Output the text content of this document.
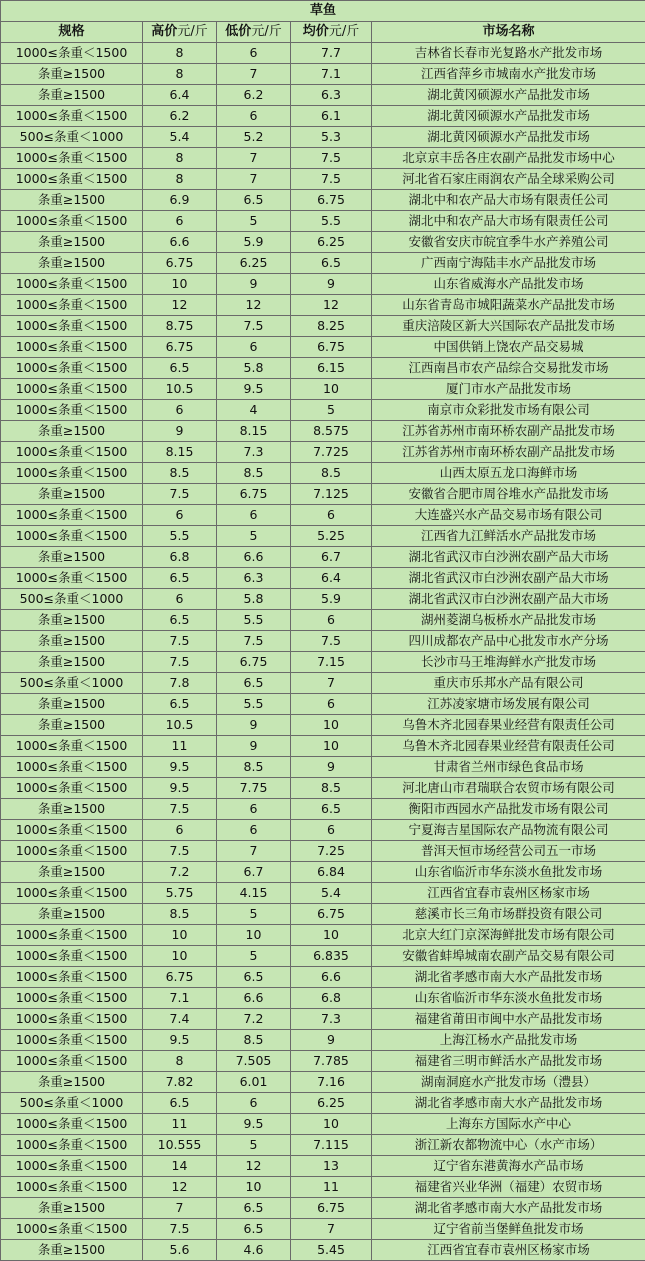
草鱼				
规格	高价元/斤	低价元/斤	均价元/斤	市场名称
1000≤条重＜1500	8	6	7.7	吉林省长春市光复路水产批发市场
条重≥1500	8	7	7.1	江西省萍乡市城南水产批发市场
条重≥1500	6.4	6.2	6.3	湖北黄冈硕源水产品批发市场
1000≤条重＜1500	6.2	6	6.1	湖北黄冈硕源水产品批发市场
500≤条重＜1000	5.4	5.2	5.3	湖北黄冈硕源水产品批发市场
1000≤条重＜1500	8	7	7.5	北京京丰岳各庄农副产品批发市场中心
1000≤条重＜1500	8	7	7.5	河北省石家庄雨润农产品全球采购公司
条重≥1500	6.9	6.5	6.75	湖北中和农产品大市场有限责任公司
1000≤条重＜1500	6	5	5.5	湖北中和农产品大市场有限责任公司
条重≥1500	6.6	5.9	6.25	安徽省安庆市皖宜季牛水产养殖公司
条重≥1500	6.75	6.25	6.5	广西南宁海陆丰水产品批发市场
1000≤条重＜1500	10	9	9	山东省威海水产品批发市场
1000≤条重＜1500	12	12	12	山东省青岛市城阳蔬菜水产品批发市场
1000≤条重＜1500	8.75	7.5	8.25	重庆涪陵区新大兴国际农产品批发市场
1000≤条重＜1500	6.75	6	6.75	中国供销上饶农产品交易城
1000≤条重＜1500	6.5	5.8	6.15	江西南昌市农产品综合交易批发市场
1000≤条重＜1500	10.5	9.5	10	厦门市水产品批发市场
1000≤条重＜1500	6	4	5	南京市众彩批发市场有限公司
条重≥1500	9	8.15	8.575	江苏省苏州市南环桥农副产品批发市场
1000≤条重＜1500	8.15	7.3	7.725	江苏省苏州市南环桥农副产品批发市场
1000≤条重＜1500	8.5	8.5	8.5	山西太原五龙口海鲜市场
条重≥1500	7.5	6.75	7.125	安徽省合肥市周谷堆水产品批发市场
1000≤条重＜1500	6	6	6	大连盛兴水产品交易市场有限公司
1000≤条重＜1500	5.5	5	5.25	江西省九江鲜活水产品批发市场
条重≥1500	6.8	6.6	6.7	湖北省武汉市白沙洲农副产品大市场
1000≤条重＜1500	6.5	6.3	6.4	湖北省武汉市白沙洲农副产品大市场
500≤条重＜1000	6	5.8	5.9	湖北省武汉市白沙洲农副产品大市场
条重≥1500	6.5	5.5	6	湖州菱湖乌板桥水产品批发市场
条重≥1500	7.5	7.5	7.5	四川成都农产品中心批发市水产分场
条重≥1500	7.5	6.75	7.15	长沙市马王堆海鲜水产批发市场
500≤条重＜1000	7.8	6.5	7	重庆市乐邦水产品有限公司
条重≥1500	6.5	5.5	6	江苏凌家塘市场发展有限公司
条重≥1500	10.5	9	10	乌鲁木齐北园春果业经营有限责任公司
1000≤条重＜1500	11	9	10	乌鲁木齐北园春果业经营有限责任公司
1000≤条重＜1500	9.5	8.5	9	甘肃省兰州市绿色食品市场
1000≤条重＜1500	9.5	7.75	8.5	河北唐山市君瑞联合农贸市场有限公司
条重≥1500	7.5	6	6.5	衡阳市西园水产品批发市场有限公司
1000≤条重＜1500	6	6	6	宁夏海吉星国际农产品物流有限公司
1000≤条重＜1500	7.5	7	7.25	普洱天恒市场经营公司五一市场
条重≥1500	7.2	6.7	6.84	山东省临沂市华东淡水鱼批发市场
1000≤条重＜1500	5.75	4.15	5.4	江西省宜春市袁州区杨家市场
条重≥1500	8.5	5	6.75	慈溪市长三角市场群投资有限公司
1000≤条重＜1500	10	10	10	北京大红门京深海鲜批发市场有限公司
1000≤条重＜1500	10	5	6.835	安徽省蚌埠城南农副产品交易有限公司
1000≤条重＜1500	6.75	6.5	6.6	湖北省孝感市南大水产品批发市场
1000≤条重＜1500	7.1	6.6	6.8	山东省临沂市华东淡水鱼批发市场
1000≤条重＜1500	7.4	7.2	7.3	福建省莆田市闽中水产品批发市场
1000≤条重＜1500	9.5	8.5	9	上海江杨水产品批发市场
1000≤条重＜1500	8	7.505	7.785	福建省三明市鲜活水产品批发市场
条重≥1500	7.82	6.01	7.16	湖南洞庭水产批发市场（澧县）
500≤条重＜1000	6.5	6	6.25	湖北省孝感市南大水产品批发市场
1000≤条重＜1500	11	9.5	10	上海东方国际水产中心
1000≤条重＜1500	10.555	5	7.115	浙江新农都物流中心（水产市场）
1000≤条重＜1500	14	12	13	辽宁省东港黄海水产品市场
1000≤条重＜1500	12	10	11	福建省兴业华洲（福建）农贸市场
条重≥1500	7	6.5	6.75	湖北省孝感市南大水产品批发市场
1000≤条重＜1500	7.5	6.5	7	辽宁省前当堡鲜鱼批发市场
条重≥1500	5.6	4.6	5.45	江西省宜春市袁州区杨家市场
